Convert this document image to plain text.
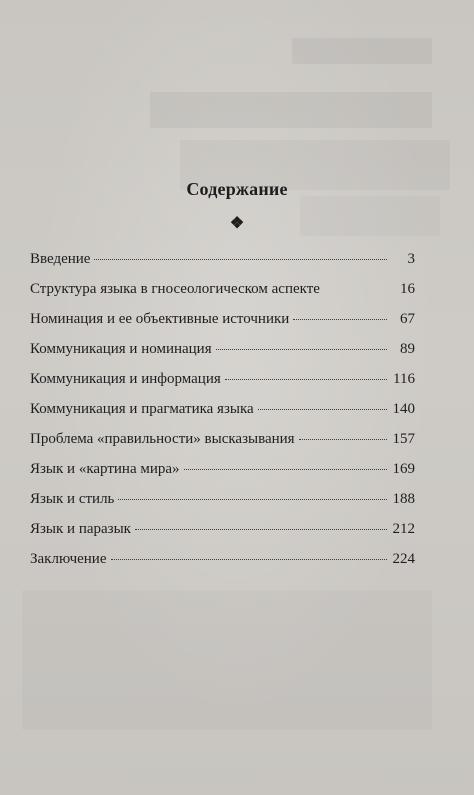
Содержание
❖
Введение	3
Структура языка в гносеологическом аспекте	16
Номинация и ее объективные источники	67
Коммуникация и номинация	89
Коммуникация и информация	116
Коммуникация и прагматика языка	140
Проблема «правильности» высказывания	157
Язык и «картина мира»	169
Язык и стиль	188
Язык и паразык	212
Заключение	224
